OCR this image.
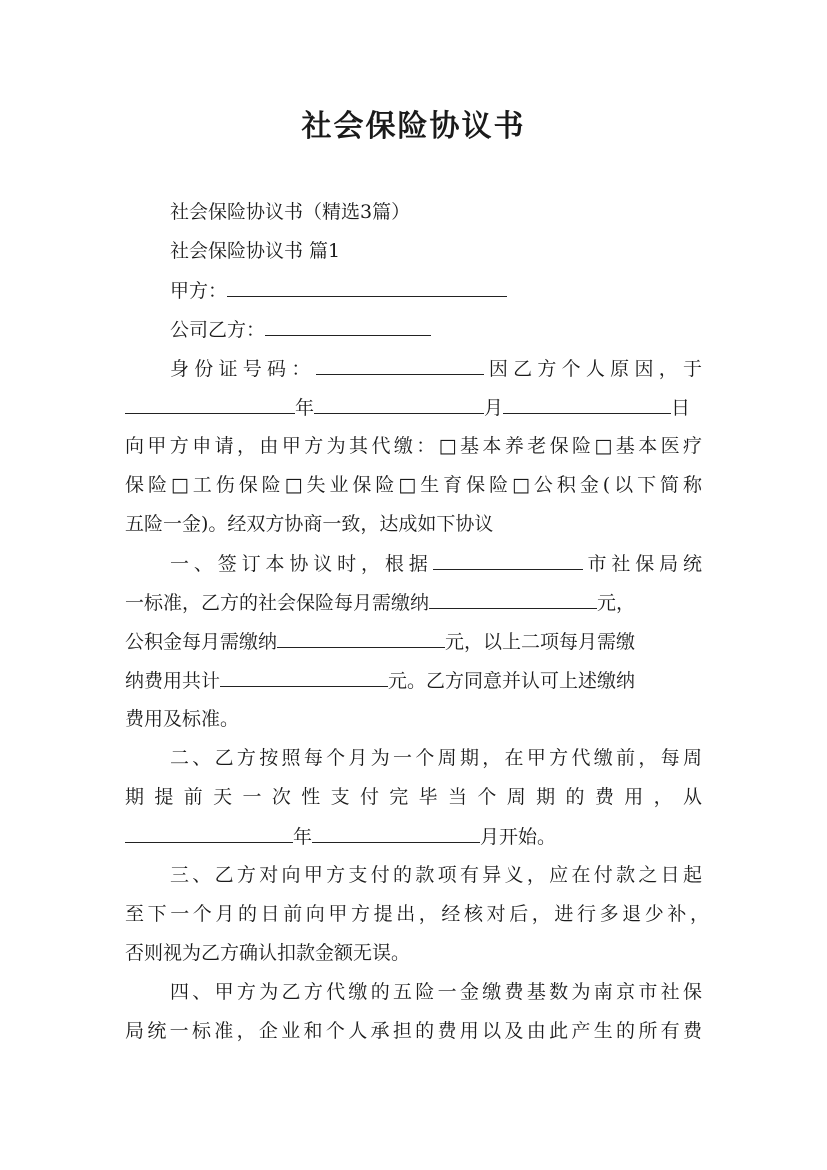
社会保险协议书
社会保险协议书（精选3篇）
社会保险协议书 篇1
甲方：
公司乙方：
身份证号码：	因乙方个人原因，于
年	月	日
向甲方申请，由甲方为其代缴：□基本养老保险□基本医疗
保险□工伤保险□失业保险□生育保险□公积金(以下简称
五险一金)。经双方协商一致，达成如下协议
一、签订本协议时，根据	市社保局统
一标准，乙方的社会保险每月需缴纳	元，
公积金每月需缴纳	元，以上二项每月需缴
纳费用共计	元。乙方同意并认可上述缴纳
费用及标准。
二、乙方按照每个月为一个周期，在甲方代缴前，每周
期提前天一次性支付完毕当个周期的费用，从
年	月开始。
三、乙方对向甲方支付的款项有异义，应在付款之日起
至下一个月的日前向甲方提出，经核对后，进行多退少补，
否则视为乙方确认扣款金额无误。
四、甲方为乙方代缴的五险一金缴费基数为南京市社保
局统一标准，企业和个人承担的费用以及由此产生的所有费
